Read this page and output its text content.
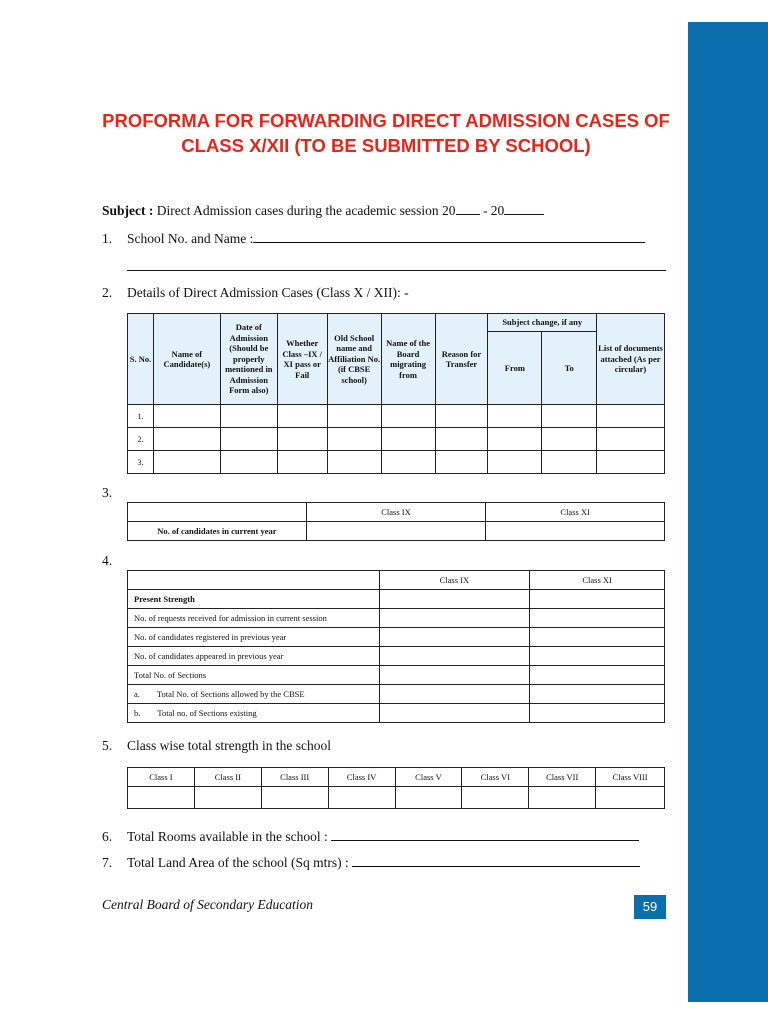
PROFORMA FOR FORWARDING DIRECT ADMISSION CASES OF
CLASS X/XII (TO BE SUBMITTED BY SCHOOL)
Subject : Direct Admission cases during the academic session 20 - 20
1. School No. and Name :
2. Details of Direct Admission Cases (Class X / XII): -
S. No.	Name of Candidate(s)	Date of Admission (Should be properly mentioned in Admission Form also)	Whether Class –IX / XI pass or Fail	Old School name and Affiliation No.(if CBSE school)	Name of the Board migrating from	Reason for Transfer	Subject change, if any		List of documents attached (As per circular)
							From	To	
1.									
2.									
3.									
3.
	Class IX	Class XI
No. of candidates in current year		
4.
	Class IX	Class XI
Present Strength		
No. of requests received for admission in current session		
No. of candidates registered in previous year		
No. of candidates appeared in previous year		
Total No. of Sections		
a.  Total No. of Sections allowed by the CBSE		
b.  Total no. of Sections existing		
5. Class wise total strength in the school
Class I	Class II	Class III	Class IV	Class V	Class VI	Class VII	Class VIII

6. Total Rooms available in the school :
7. Total Land Area of the school (Sq mtrs) :
Central Board of Secondary Education	59
